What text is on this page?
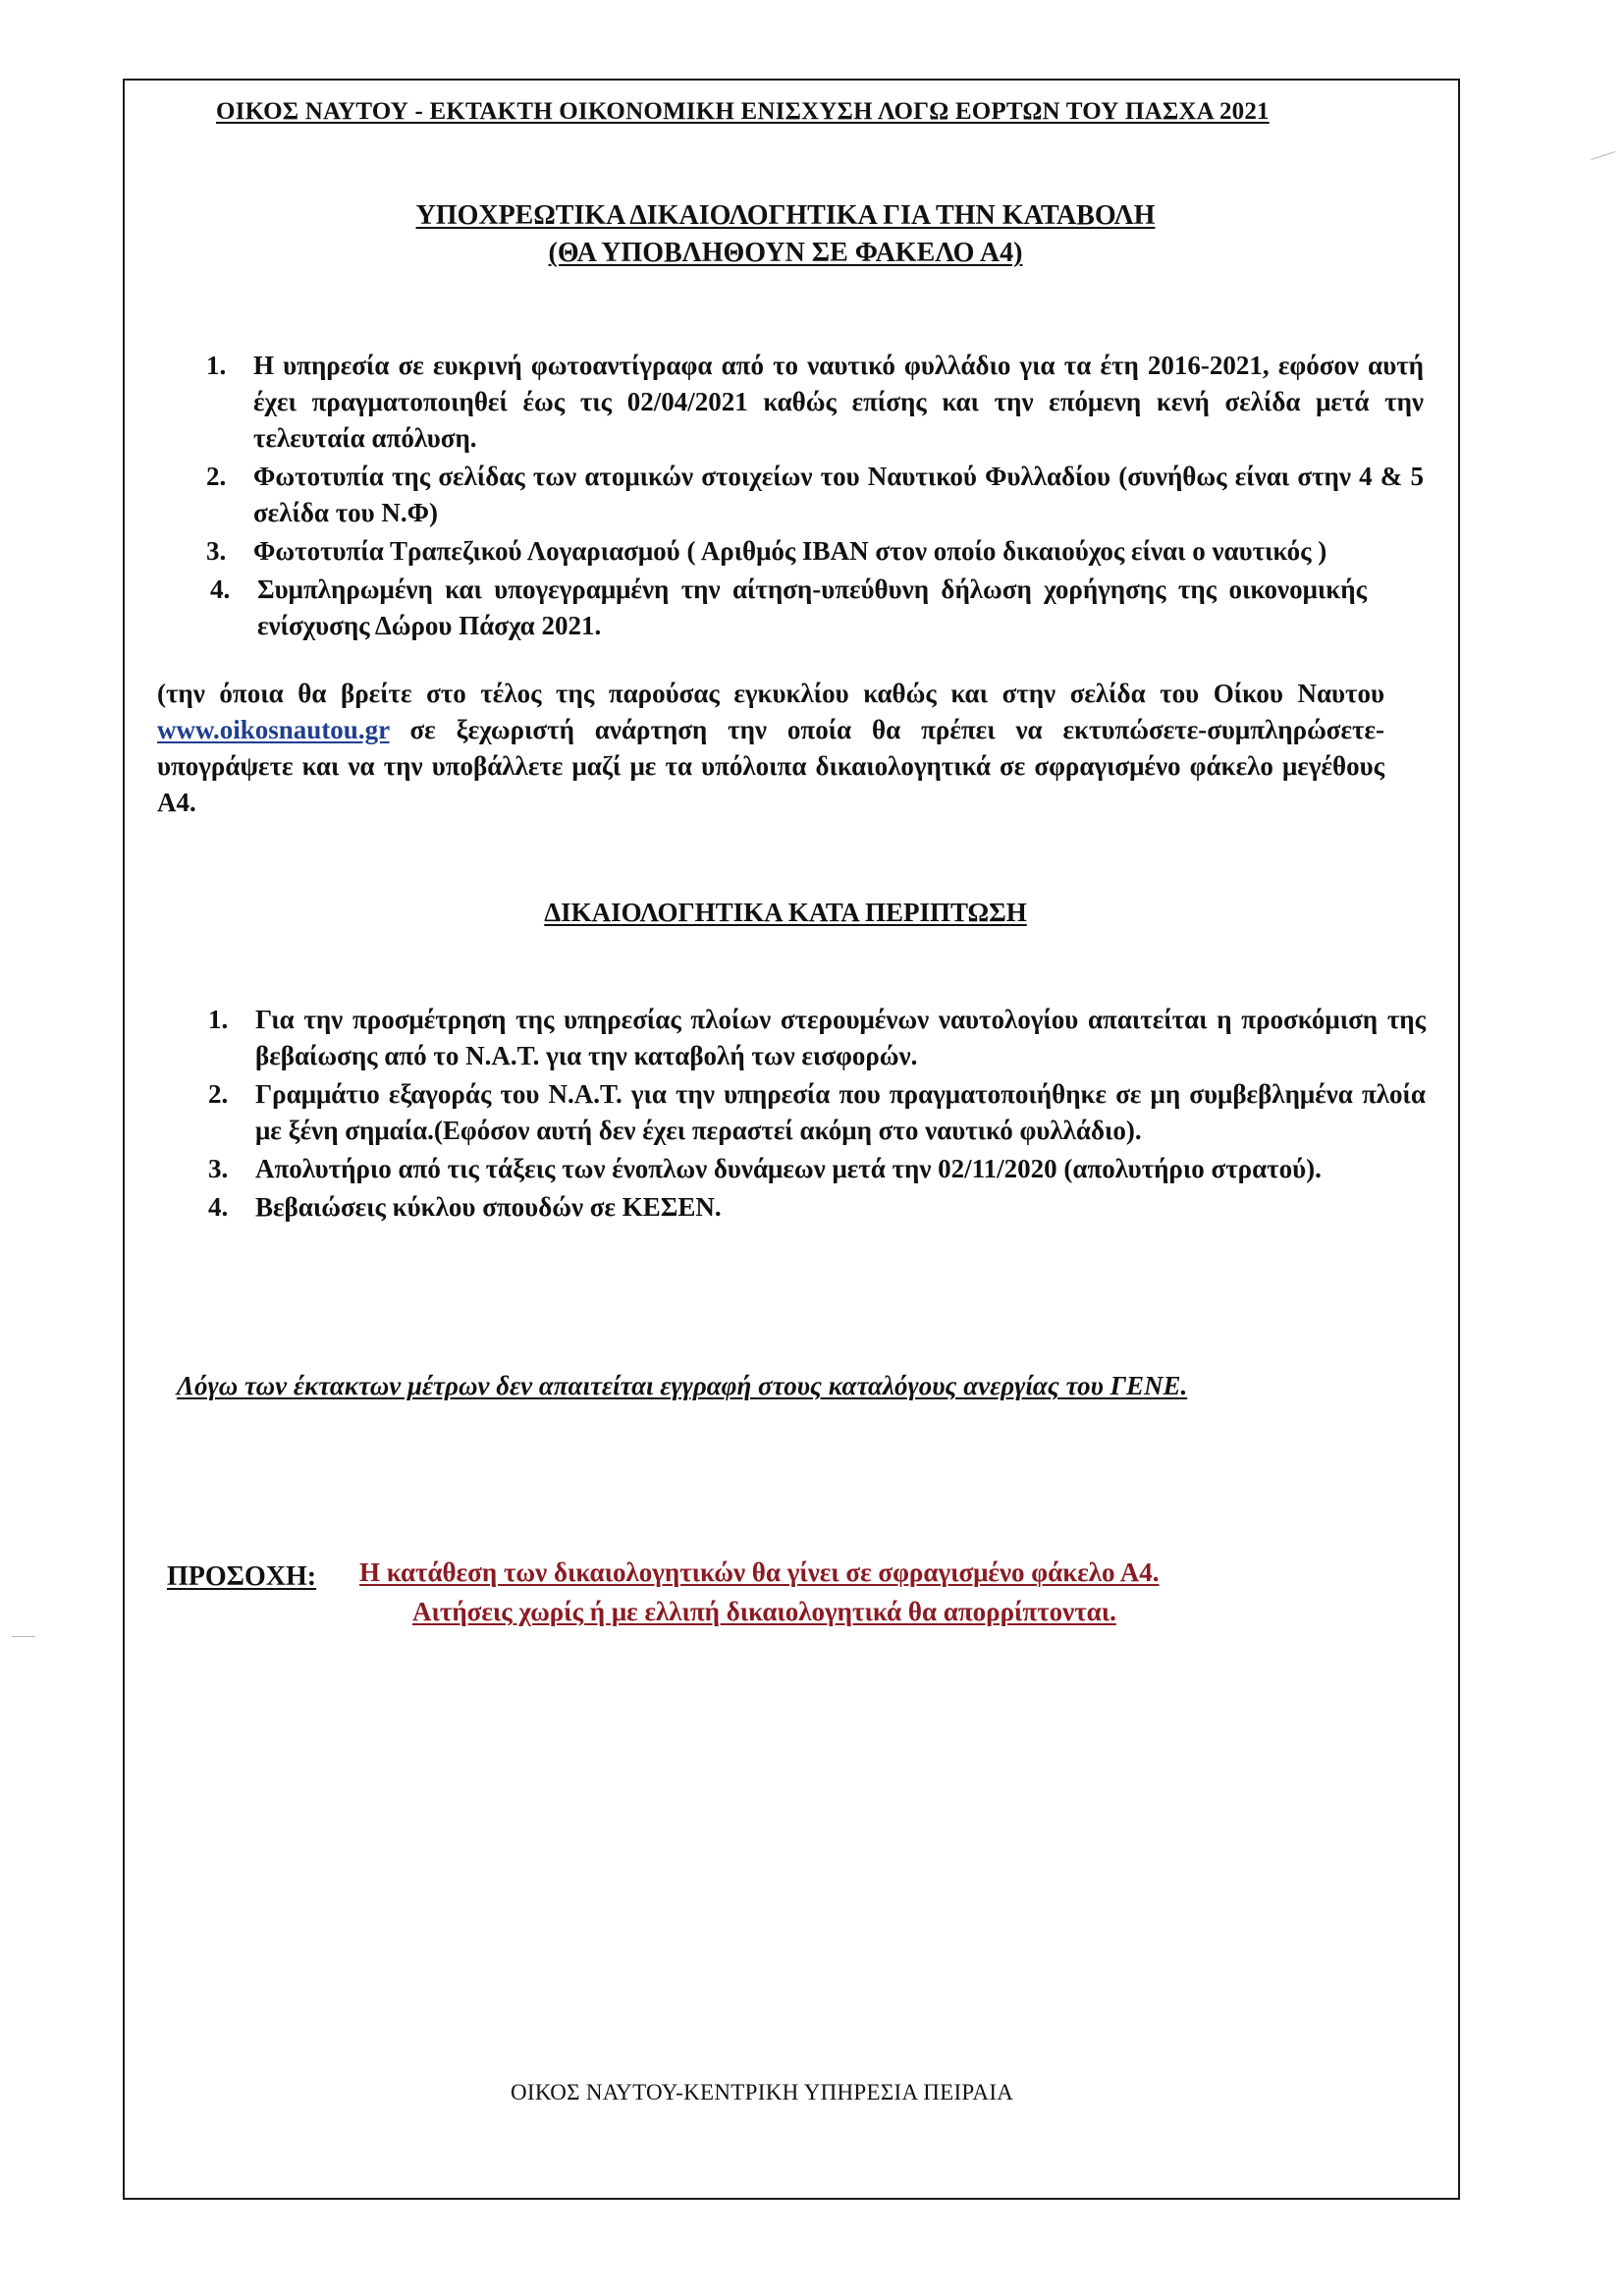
ΟΙΚΟΣ ΝΑΥΤΟΥ - ΕΚΤΑΚΤΗ ΟΙΚΟΝΟΜΙΚΗ ΕΝΙΣΧΥΣΗ ΛΟΓΩ ΕΟΡΤΩΝ ΤΟΥ ΠΑΣΧΑ 2021
ΥΠΟΧΡΕΩΤΙΚΑ ΔΙΚΑΙΟΛΟΓΗΤΙΚΑ ΓΙΑ ΤΗΝ ΚΑΤΑΒΟΛΗ
(ΘΑ ΥΠΟΒΛΗΘΟΥΝ ΣΕ ΦΑΚΕΛΟ Α4)
1.	Η υπηρεσία σε ευκρινή φωτοαντίγραφα από το ναυτικό φυλλάδιο για τα έτη 2016-2021, εφόσον αυτή έχει πραγματοποιηθεί έως τις 02/04/2021 καθώς επίσης και την επόμενη κενή σελίδα μετά την τελευταία απόλυση.
2.	Φωτοτυπία της σελίδας των ατομικών στοιχείων του Ναυτικού Φυλλαδίου (συνήθως είναι στην 4 & 5 σελίδα του Ν.Φ)
3.	Φωτοτυπία Τραπεζικού Λογαριασμού ( Αριθμός IBAN στον οποίο δικαιούχος είναι ο ναυτικός )
4.	Συμπληρωμένη και υπογεγραμμένη την αίτηση-υπεύθυνη δήλωση χορήγησης της οικονομικής ενίσχυσης Δώρου Πάσχα 2021.
(την όποια θα βρείτε στο τέλος της παρούσας εγκυκλίου καθώς και στην σελίδα του Οίκου Ναυτου www.oikosnautou.gr σε ξεχωριστή ανάρτηση την οποία θα πρέπει να εκτυπώσετε-συμπληρώσετε-υπογράψετε και να την υποβάλλετε μαζί με τα υπόλοιπα δικαιολογητικά σε σφραγισμένο φάκελο μεγέθους Α4.
ΔΙΚΑΙΟΛΟΓΗΤΙΚΑ ΚΑΤΑ ΠΕΡΙΠΤΩΣΗ
1.	Για την προσμέτρηση της υπηρεσίας πλοίων στερουμένων ναυτολογίου απαιτείται η προσκόμιση της βεβαίωσης από το Ν.Α.Τ. για την καταβολή των εισφορών.
2.	Γραμμάτιο εξαγοράς του Ν.Α.Τ. για την υπηρεσία που πραγματοποιήθηκε σε μη συμβεβλημένα πλοία με ξένη σημαία.(Εφόσον αυτή δεν έχει περαστεί ακόμη στο ναυτικό φυλλάδιο).
3.	Απολυτήριο από τις τάξεις των ένοπλων δυνάμεων μετά την 02/11/2020 (απολυτήριο στρατού).
4.	Βεβαιώσεις κύκλου σπουδών σε ΚΕΣΕΝ.
Λόγω των έκτακτων μέτρων δεν απαιτείται εγγραφή στους καταλόγους ανεργίας του ΓΕΝΕ.
ΠΡΟΣΟΧΗ: Η κατάθεση των δικαιολογητικών θα γίνει σε σφραγισμένο φάκελο Α4.
Αιτήσεις χωρίς ή με ελλιπή δικαιολογητικά θα απορρίπτονται.
ΟΙΚΟΣ ΝΑΥΤΟΥ-ΚΕΝΤΡΙΚΗ ΥΠΗΡΕΣΙΑ ΠΕΙΡΑΙΑ
